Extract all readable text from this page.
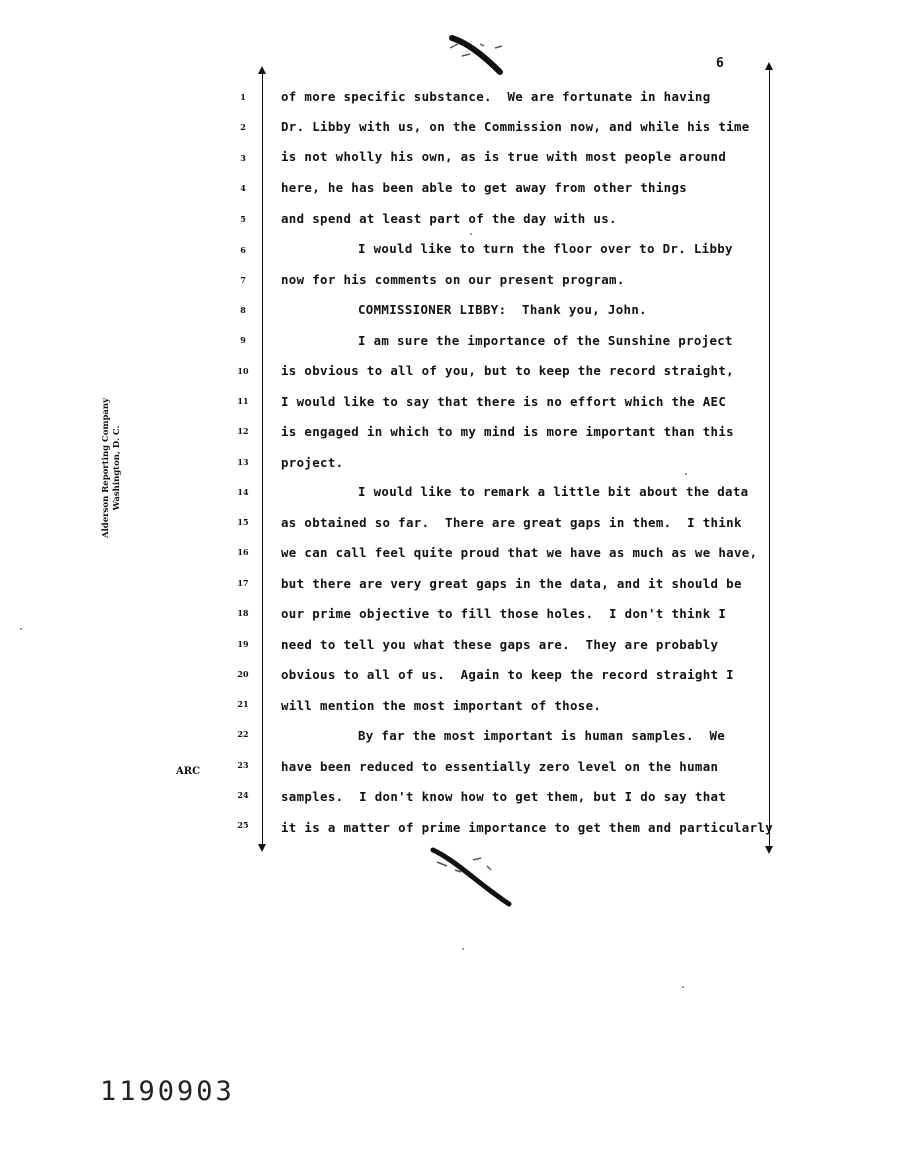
6
1
2
3
4
5
6
7
8
9
10
11
12
13
14
15
16
17
18
19
20
21
22
23
24
25
of more specific substance.  We are fortunate in having
Dr. Libby with us, on the Commission now, and while his time
is not wholly his own, as is true with most people around
here, he has been able to get away from other things
and spend at least part of the day with us.
I would like to turn the floor over to Dr. Libby
now for his comments on our present program.
COMMISSIONER LIBBY:  Thank you, John.
I am sure the importance of the Sunshine project
is obvious to all of you, but to keep the record straight,
I would like to say that there is no effort which the AEC
is engaged in which to my mind is more important than this
project.
I would like to remark a little bit about the data
as obtained so far.  There are great gaps in them.  I think
we can call feel quite proud that we have as much as we have,
but there are very great gaps in the data, and it should be
our prime objective to fill those holes.  I don't think I
need to tell you what these gaps are.  They are probably
obvious to all of us.  Again to keep the record straight I
will mention the most important of those.
By far the most important is human samples.  We
have been reduced to essentially zero level on the human
samples.  I don't know how to get them, but I do say that
it is a matter of prime importance to get them and particularly
Alderson Reporting Company Washington, D. C.
ARC
1190903
